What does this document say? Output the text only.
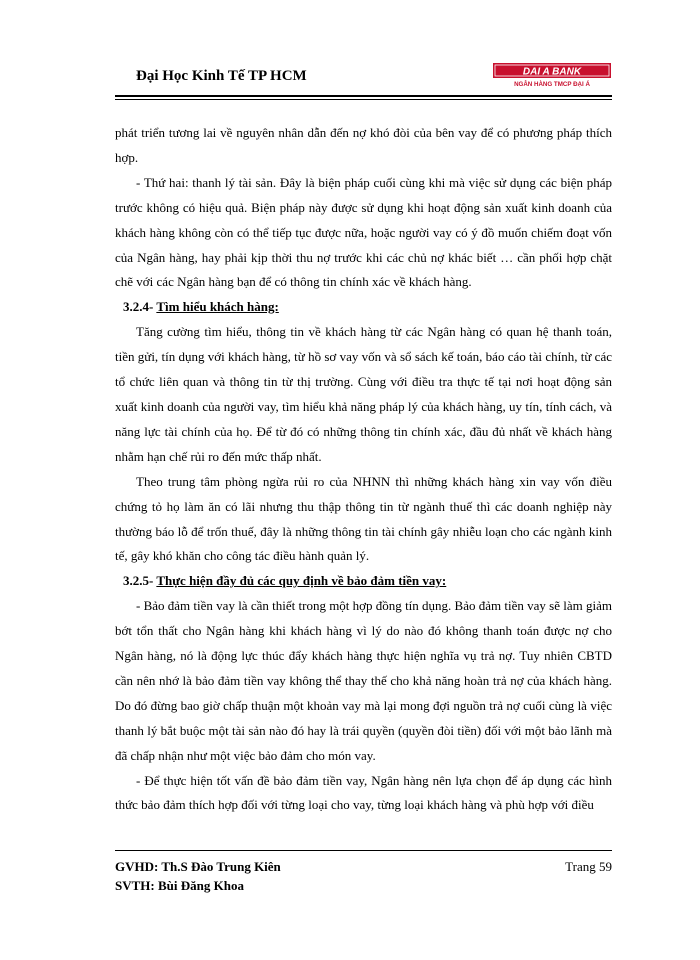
Đại Học Kinh Tế TP HCM	DAI A BANK
NGÂN HÀNG TMCP ĐẠI Á

phát triển tương lai về nguyên nhân dẫn đến nợ khó đòi của bên vay để có phương pháp thích hợp.

- Thứ hai: thanh lý tài sản. Đây là biện pháp cuối cùng khi mà việc sử dụng các biện pháp trước không có hiệu quả. Biện pháp này được sử dụng khi hoạt động sản xuất kinh doanh của khách hàng không còn có thể tiếp tục được nữa, hoặc người vay có ý đồ muốn chiếm đoạt vốn của Ngân hàng, hay phải kịp thời thu nợ trước khi các chủ nợ khác biết … cần phối hợp chặt chẽ với các Ngân hàng bạn để có thông tin chính xác về khách hàng.

3.2.4- Tìm hiểu khách hàng:

Tăng cường tìm hiểu, thông tin về khách hàng từ các Ngân hàng có quan hệ thanh toán, tiền gửi, tín dụng với khách hàng, từ hồ sơ vay vốn và sổ sách kế toán, báo cáo tài chính, từ các tổ chức liên quan và thông tin từ thị trường. Cùng với điều tra thực tế tại nơi hoạt động sản xuất kinh doanh của người vay, tìm hiểu khả năng pháp lý của khách hàng, uy tín, tính cách, và năng lực tài chính của họ. Để từ đó có những thông tin chính xác, đầu đủ nhất về khách hàng nhằm hạn chế rủi ro đến mức thấp nhất.

Theo trung tâm phòng ngừa rủi ro của NHNN thì những khách hàng xin vay vốn điều chứng tỏ họ làm ăn có lãi nhưng thu thập thông tin từ ngành thuế thì các doanh nghiệp này thường báo lỗ để trốn thuế, đây là những thông tin tài chính gây nhiễu loạn cho các ngành kinh tế, gây khó khăn cho công tác điều hành quản lý.

3.2.5- Thực hiện đầy đủ các quy định về bảo đảm tiền vay:

- Bảo đảm tiền vay là cần thiết trong một hợp đồng tín dụng. Bảo đảm tiền vay sẽ làm giảm bớt tổn thất cho Ngân hàng khi khách hàng vì lý do nào đó không thanh toán được nợ cho Ngân hàng, nó là động lực thúc đẩy khách hàng thực hiện nghĩa vụ trả nợ. Tuy nhiên CBTD cần nên nhớ là bảo đảm tiền vay không thể thay thế cho khả năng hoàn trả nợ của khách hàng. Do đó đừng bao giờ chấp thuận một khoản vay mà lại mong đợi nguồn trả nợ cuối cùng là việc thanh lý bắt buộc một tài sản nào đó hay là trái quyền (quyền đòi tiền) đối với một bảo lãnh mà đã chấp nhận như một việc bảo đảm cho món vay.

- Để thực hiện tốt vấn đề bảo đảm tiền vay, Ngân hàng nên lựa chọn để áp dụng các hình thức bảo đảm thích hợp đối với từng loại cho vay, từng loại khách hàng và phù hợp với điều

GVHD: Th.S Đào Trung Kiên
SVTH: Bùi Đăng Khoa
Trang 59
